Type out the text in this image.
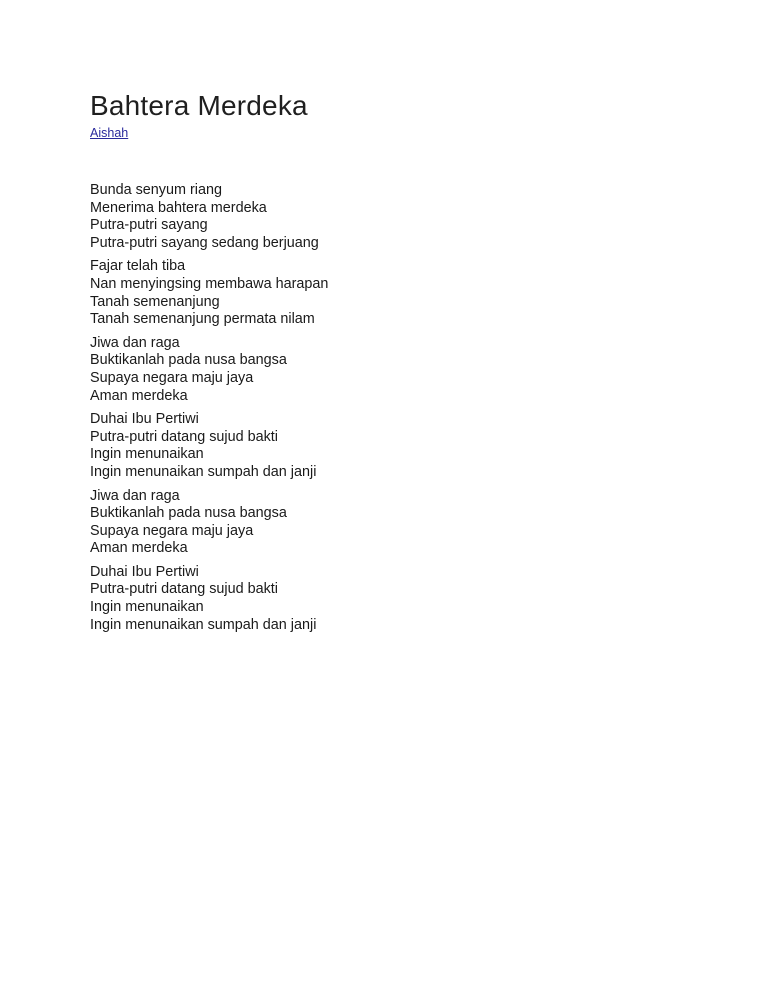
Bahtera Merdeka
Aishah
Bunda senyum riang
Menerima bahtera merdeka
Putra-putri sayang
Putra-putri sayang sedang berjuang
Fajar telah tiba
Nan menyingsing membawa harapan
Tanah semenanjung
Tanah semenanjung permata nilam
Jiwa dan raga
Buktikanlah pada nusa bangsa
Supaya negara maju jaya
Aman merdeka
Duhai Ibu Pertiwi
Putra-putri datang sujud bakti
Ingin menunaikan
Ingin menunaikan sumpah dan janji
Jiwa dan raga
Buktikanlah pada nusa bangsa
Supaya negara maju jaya
Aman merdeka
Duhai Ibu Pertiwi
Putra-putri datang sujud bakti
Ingin menunaikan
Ingin menunaikan sumpah dan janji
